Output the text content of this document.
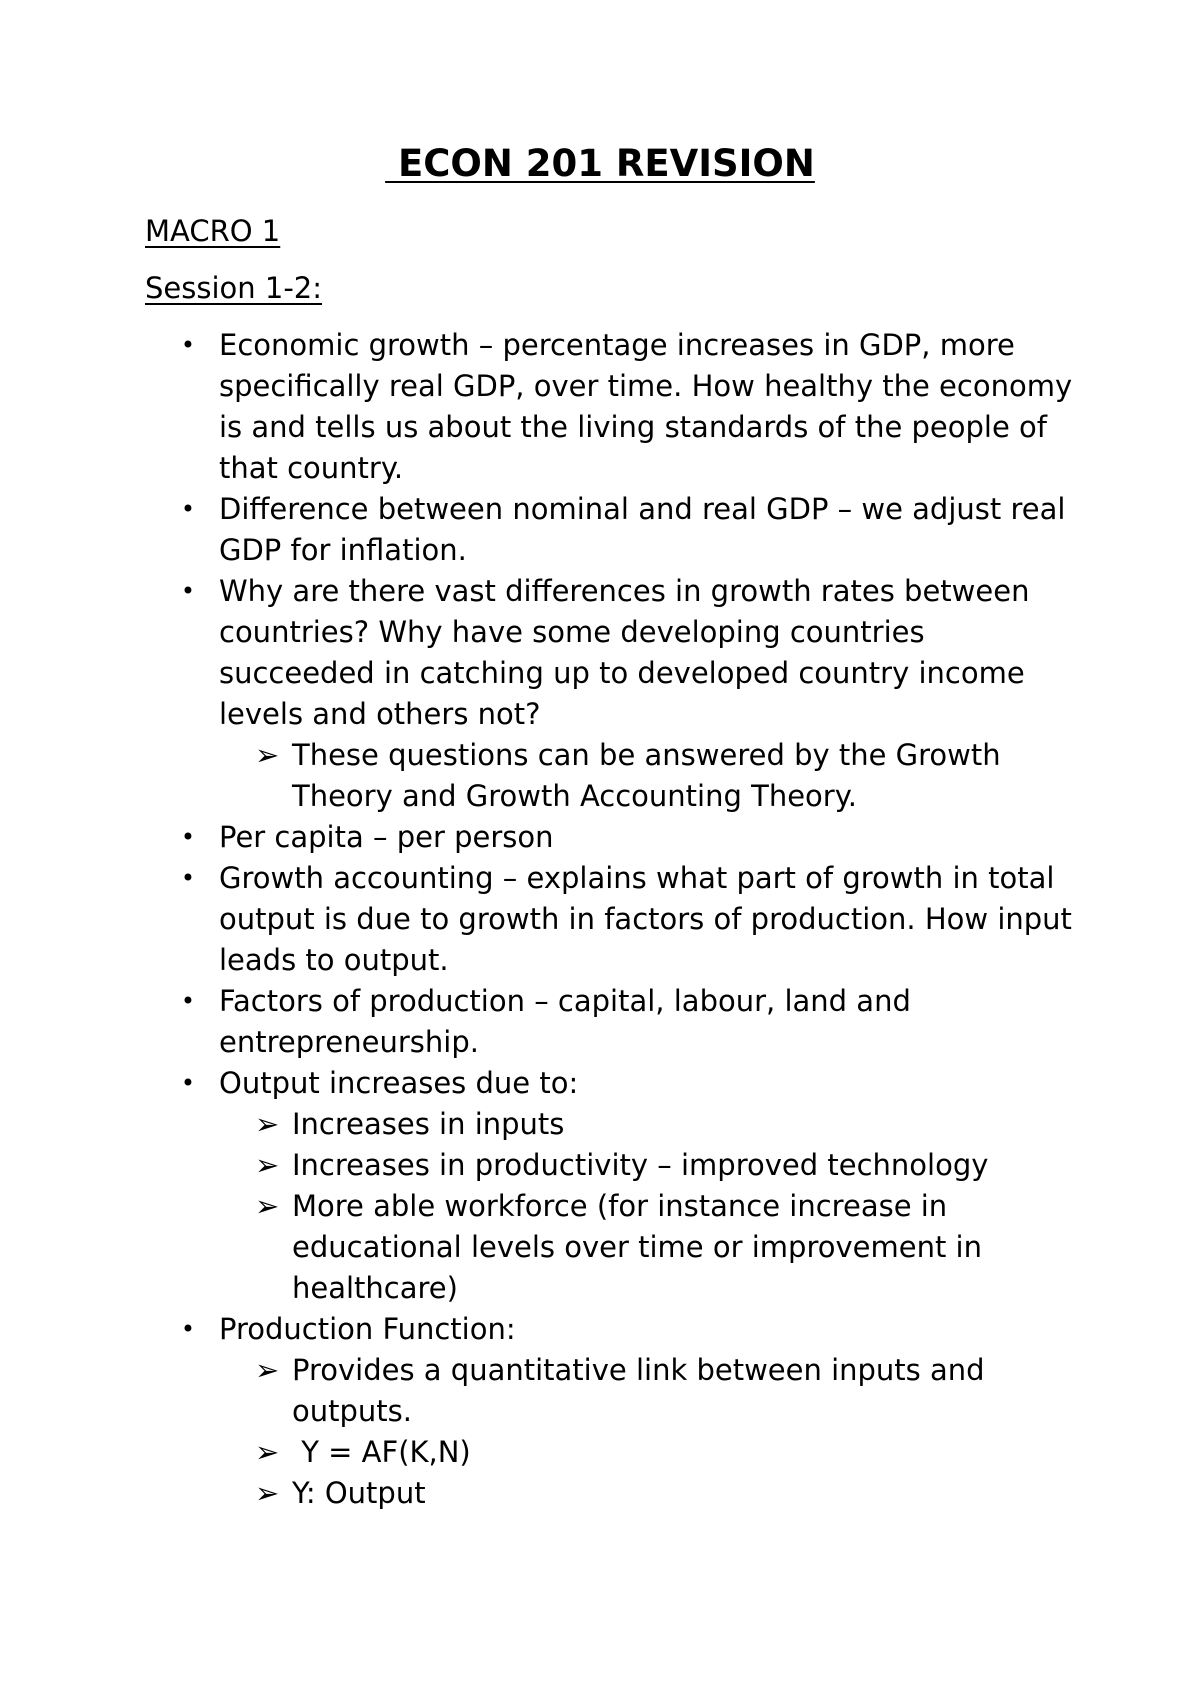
ECON 201 REVISION
MACRO 1
Session 1-2:
• Economic growth – percentage increases in GDP, more specifically real GDP, over time. How healthy the economy is and tells us about the living standards of the people of that country.
• Difference between nominal and real GDP – we adjust real GDP for inflation.
• Why are there vast differences in growth rates between countries? Why have some developing countries succeeded in catching up to developed country income levels and others not?
➢ These questions can be answered by the Growth Theory and Growth Accounting Theory.
• Per capita – per person
• Growth accounting – explains what part of growth in total output is due to growth in factors of production. How input leads to output.
• Factors of production – capital, labour, land and entrepreneurship.
• Output increases due to:
➢ Increases in inputs
➢ Increases in productivity – improved technology
➢ More able workforce (for instance increase in educational levels over time or improvement in healthcare)
• Production Function:
➢ Provides a quantitative link between inputs and outputs.
➢ Y = AF(K,N)
➢ Y: Output
